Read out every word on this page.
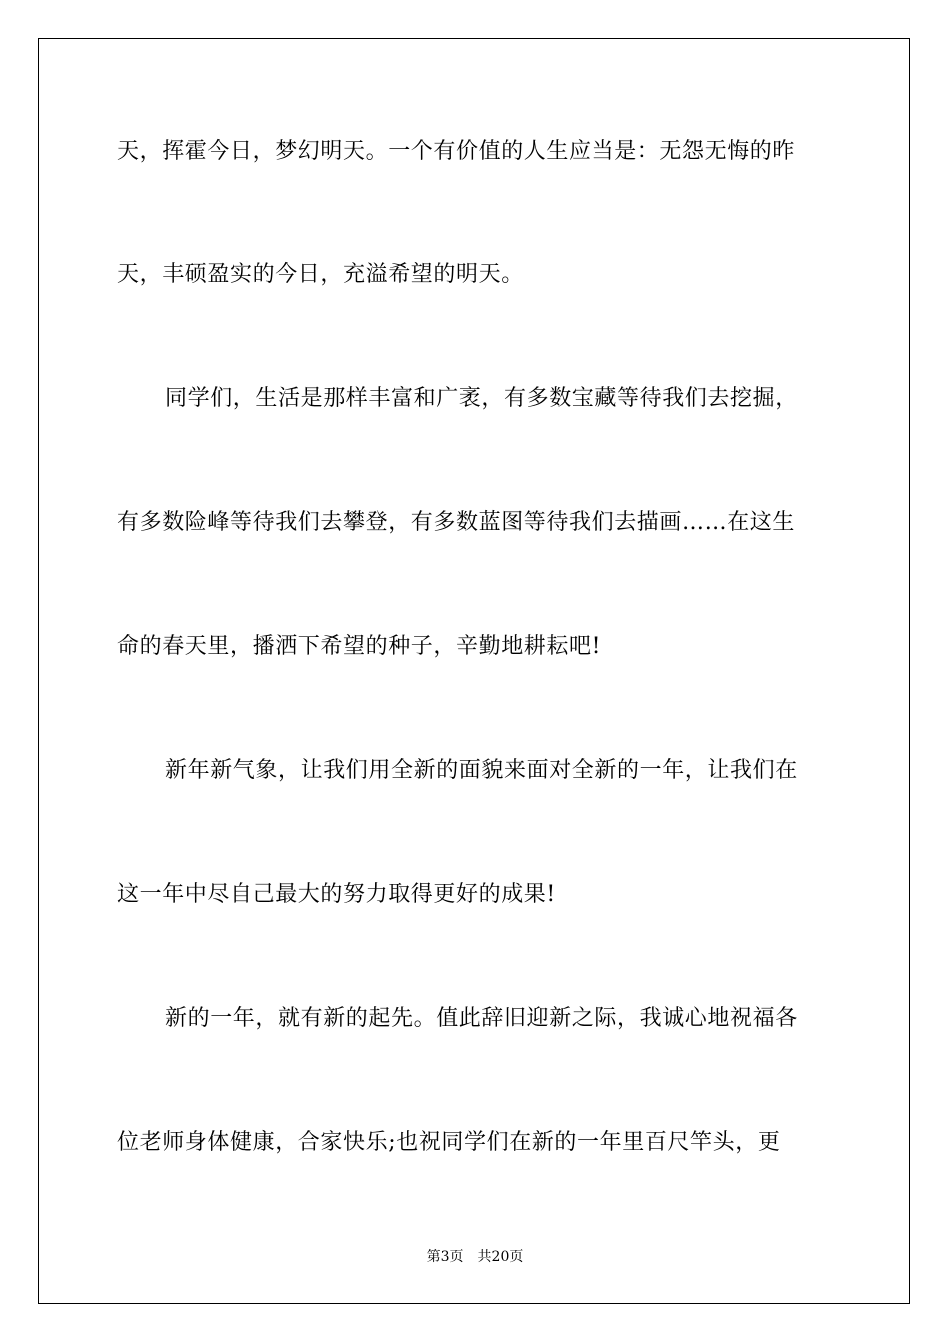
天，挥霍今日，梦幻明天。一个有价值的人生应当是：无怨无悔的昨
天，丰硕盈实的今日，充溢希望的明天。
同学们，生活是那样丰富和广袤，有多数宝藏等待我们去挖掘，
有多数险峰等待我们去攀登，有多数蓝图等待我们去描画……在这生
命的春天里，播洒下希望的种子，辛勤地耕耘吧!
新年新气象，让我们用全新的面貌来面对全新的一年，让我们在
这一年中尽自己最大的努力取得更好的成果!
新的一年，就有新的起先。值此辞旧迎新之际，我诚心地祝福各
位老师身体健康，合家快乐;也祝同学们在新的一年里百尺竿头，更
第3页 共20页
